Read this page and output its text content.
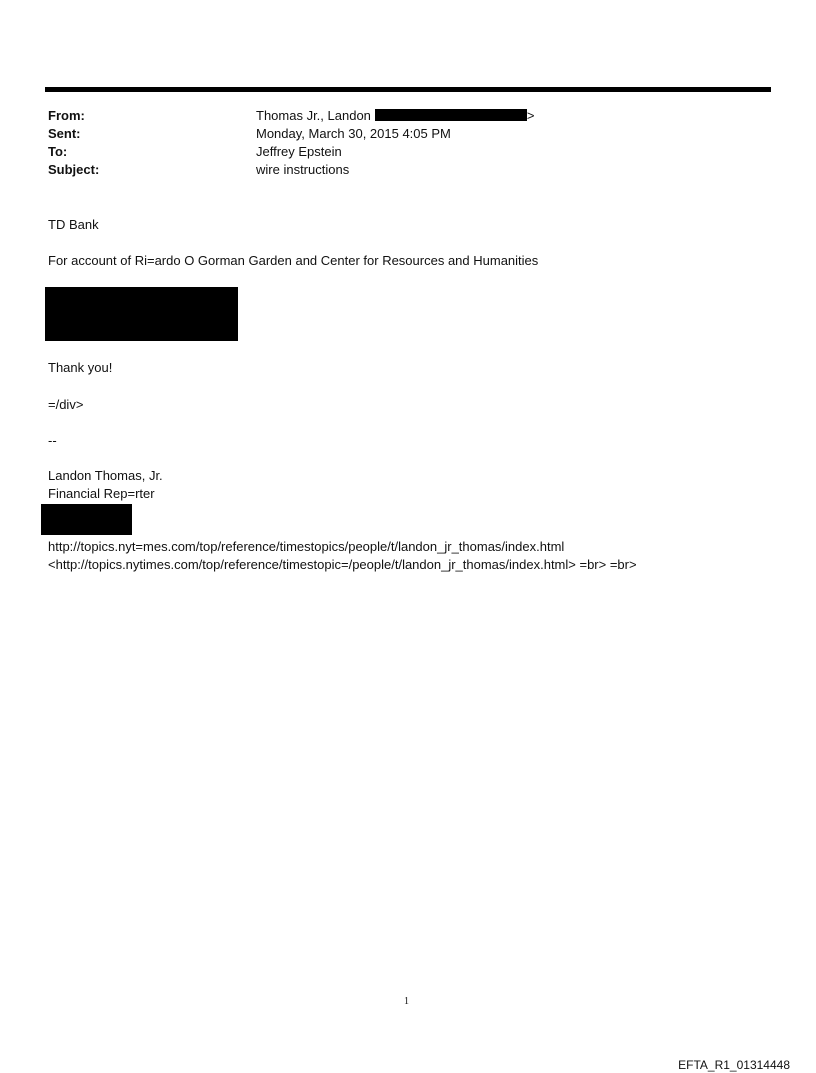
From:	Thomas Jr., Landon	>
Sent:	Monday, March 30, 2015 4:05 PM
To:	Jeffrey Epstein
Subject:	wire instructions
TD Bank
For account of Ri=ardo O Gorman Garden and Center for Resources and Humanities
Thank you!
=/div>
--
Landon Thomas, Jr.
Financial Rep=rter
http://topics.nyt=mes.com/top/reference/timestopics/people/t/landon_jr_thomas/index.html
<http://topics.nytimes.com/top/reference/timestopic=/people/t/landon_jr_thomas/index.html> =br> =br>
1
EFTA_R1_01314448
